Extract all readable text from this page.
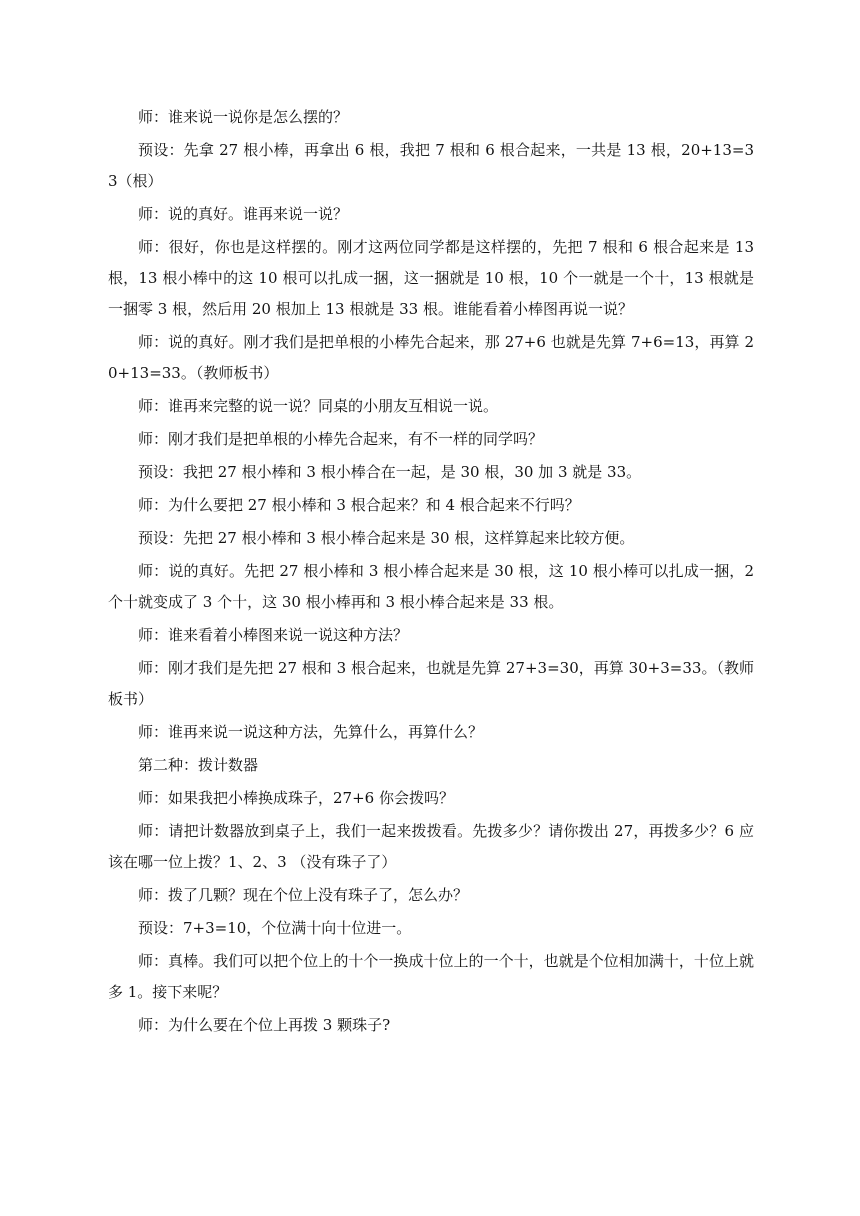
师：谁来说一说你是怎么摆的？

预设：先拿 27 根小棒，再拿出 6 根，我把 7 根和 6 根合起来，一共是 13 根，20+13=33（根）

师：说的真好。谁再来说一说？

师：很好，你也是这样摆的。刚才这两位同学都是这样摆的，先把 7 根和 6 根合起来是 13 根，13 根小棒中的这 10 根可以扎成一捆，这一捆就是 10 根，10 个一就是一个十，13 根就是一捆零 3 根，然后用 20 根加上 13 根就是 33 根。谁能看着小棒图再说一说？

师：说的真好。刚才我们是把单根的小棒先合起来，那 27+6 也就是先算 7+6=13，再算 20+13=33。（教师板书）

师：谁再来完整的说一说？同桌的小朋友互相说一说。

师：刚才我们是把单根的小棒先合起来，有不一样的同学吗？

预设：我把 27 根小棒和 3 根小棒合在一起，是 30 根，30 加 3 就是 33。

师：为什么要把 27 根小棒和 3 根合起来？和 4 根合起来不行吗？

预设：先把 27 根小棒和 3 根小棒合起来是 30 根，这样算起来比较方便。

师：说的真好。先把 27 根小棒和 3 根小棒合起来是 30 根，这 10 根小棒可以扎成一捆，2 个十就变成了 3 个十，这 30 根小棒再和 3 根小棒合起来是 33 根。

师：谁来看着小棒图来说一说这种方法？

师：刚才我们是先把 27 根和 3 根合起来，也就是先算 27+3=30，再算 30+3=33。（教师板书）

师：谁再来说一说这种方法，先算什么，再算什么？

第二种：拨计数器

师：如果我把小棒换成珠子，27+6 你会拨吗？

师：请把计数器放到桌子上，我们一起来拨拨看。先拨多少？请你拨出 27，再拨多少？6 应该在哪一位上拨？1、2、3 （没有珠子了）

师：拨了几颗？现在个位上没有珠子了，怎么办？

预设：7+3=10，个位满十向十位进一。

师：真棒。我们可以把个位上的十个一换成十位上的一个十，也就是个位相加满十，十位上就多 1。接下来呢？

师：为什么要在个位上再拨 3 颗珠子?
